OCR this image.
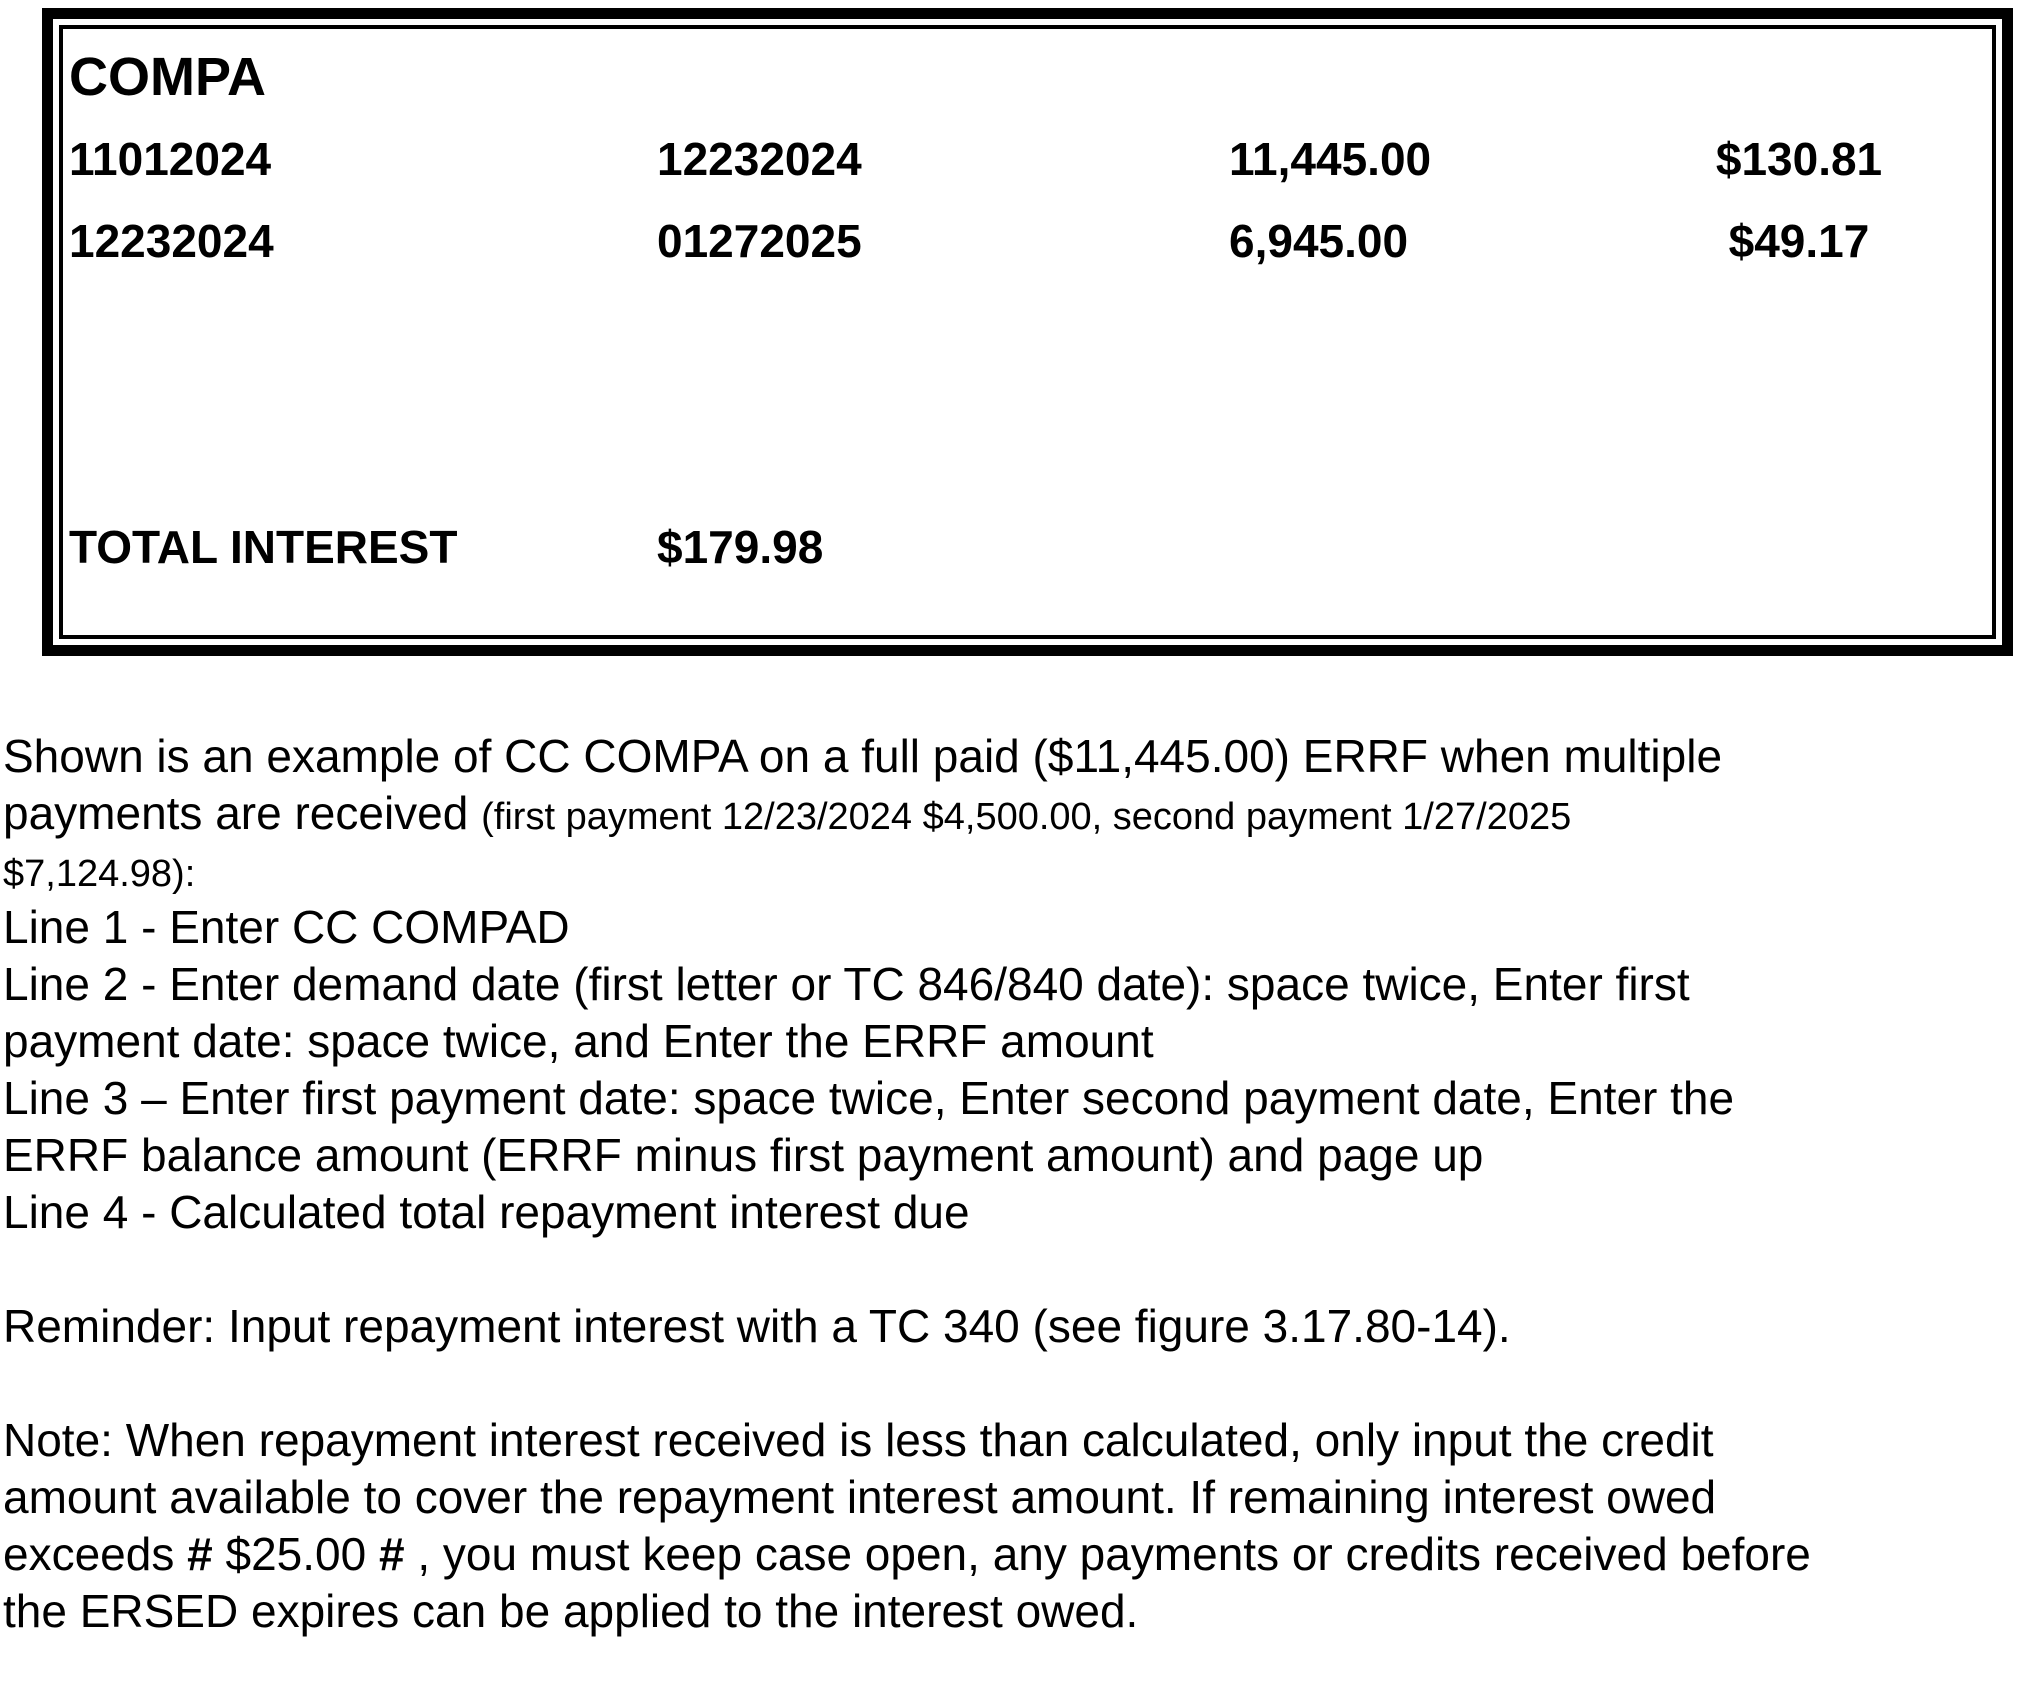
COMPA
11012024	12232024	11,445.00	$130.81
12232024	01272025	6,945.00	$49.17
TOTAL INTEREST	$179.98
Shown is an example of CC COMPA on a full paid ($11,445.00) ERRF when multiple
payments are received (first payment 12/23/2024 $4,500.00, second payment 1/27/2025
$7,124.98):
Line 1 - Enter CC COMPAD
Line 2 - Enter demand date (first letter or TC 846/840 date): space twice, Enter first
payment date: space twice, and Enter the ERRF amount
Line 3 – Enter first payment date: space twice, Enter second payment date, Enter the
ERRF balance amount (ERRF minus first payment amount) and page up
Line 4 - Calculated total repayment interest due

Reminder: Input repayment interest with a TC 340 (see figure 3.17.80-14).

Note: When repayment interest received is less than calculated, only input the credit
amount available to cover the repayment interest amount. If remaining interest owed
exceeds # $25.00 # , you must keep case open, any payments or credits received before
the ERSED expires can be applied to the interest owed.
